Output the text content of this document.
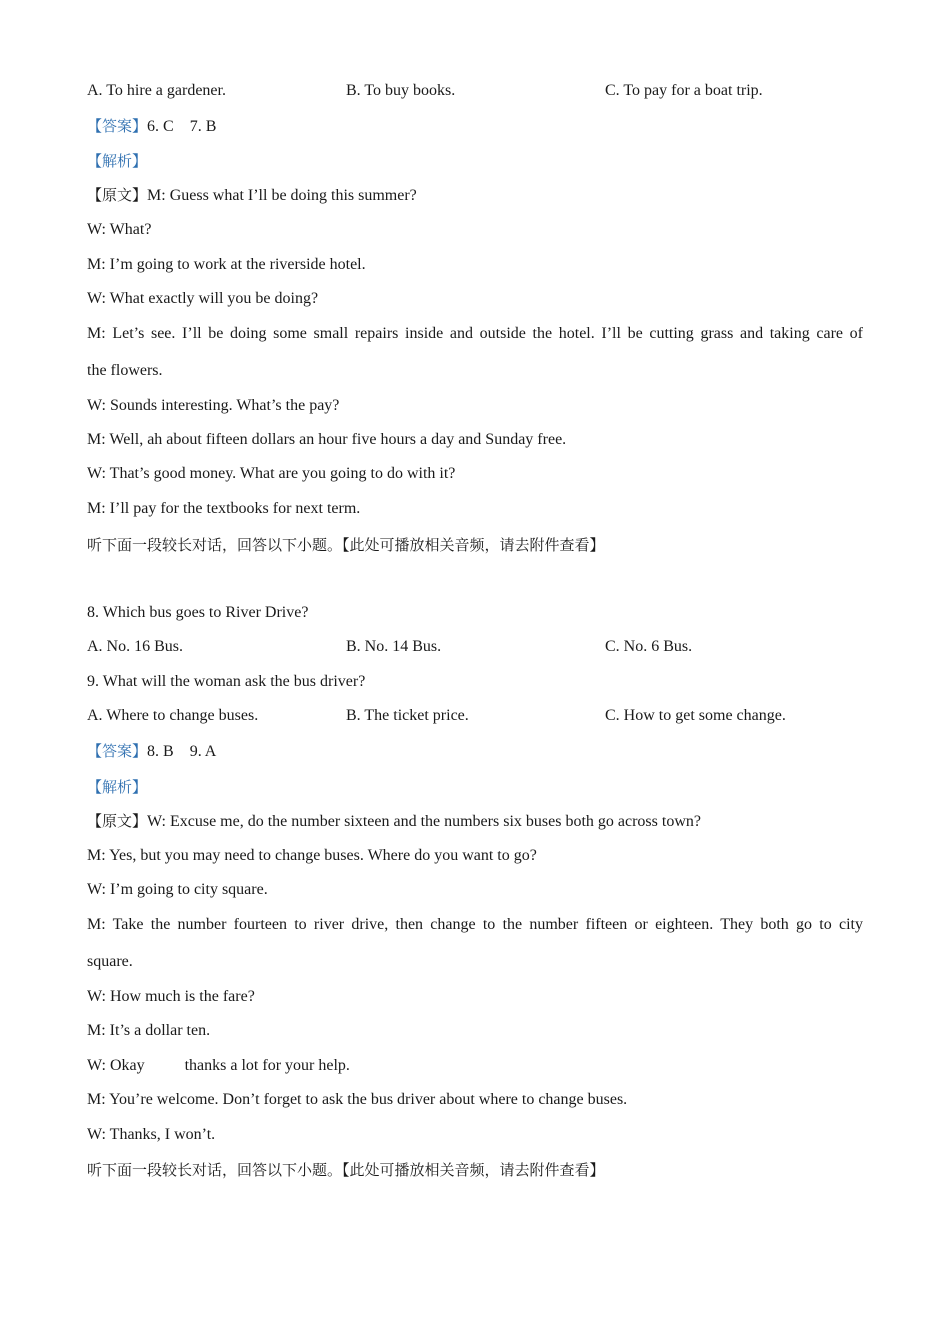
A. To hire a gardener.	B. To buy books.	C. To pay for a boat trip.
【答案】6. C    7. B
【解析】
【原文】M: Guess what I’ll be doing this summer?
W: What?
M: I’m going to work at the riverside hotel.
W: What exactly will you be doing?
M: Let’s see. I’ll be doing some small repairs inside and outside the hotel. I’ll be cutting grass and taking care of
the flowers.
W: Sounds interesting. What’s the pay?
M: Well, ah about fifteen dollars an hour five hours a day and Sunday free.
W: That’s good money. What are you going to do with it?
M: I’ll pay for the textbooks for next term.
听下面一段较长对话，回答以下小题。【此处可播放相关音频，请去附件查看】
8. Which bus goes to River Drive?
A. No. 16 Bus.	B. No. 14 Bus.	C. No. 6 Bus.
9. What will the woman ask the bus driver?
A. Where to change buses.	B. The ticket price.	C. How to get some change.
【答案】8. B    9. A
【解析】
【原文】W: Excuse me, do the number sixteen and the numbers six buses both go across town?
M: Yes, but you may need to change buses. Where do you want to go?
W: I’m going to city square.
M: Take the number fourteen to river drive, then change to the number fifteen or eighteen. They both go to city
square.
W: How much is the fare?
M: It’s a dollar ten.
W: Okay          thanks a lot for your help.
M: You’re welcome. Don’t forget to ask the bus driver about where to change buses.
W: Thanks, I won’t.
听下面一段较长对话，回答以下小题。【此处可播放相关音频，请去附件查看】
